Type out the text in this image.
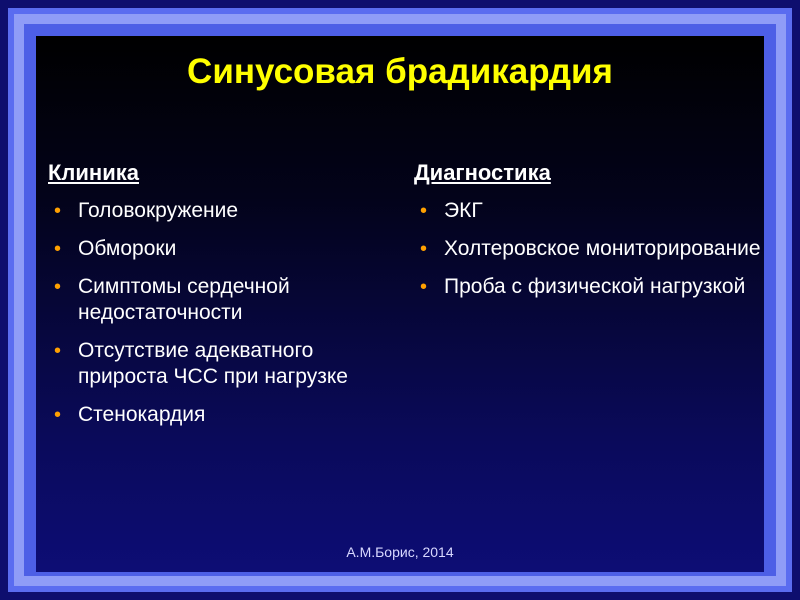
Синусовая брадикардия
Клиника
• Головокружение
• Обмороки
• Симптомы сердечной недостаточности
• Отсутствие адекватного прироста ЧСС при нагрузке
• Стенокардия
Диагностика
• ЭКГ
• Холтеровское мониторирование
• Проба с физической нагрузкой
А.М.Борис, 2014
